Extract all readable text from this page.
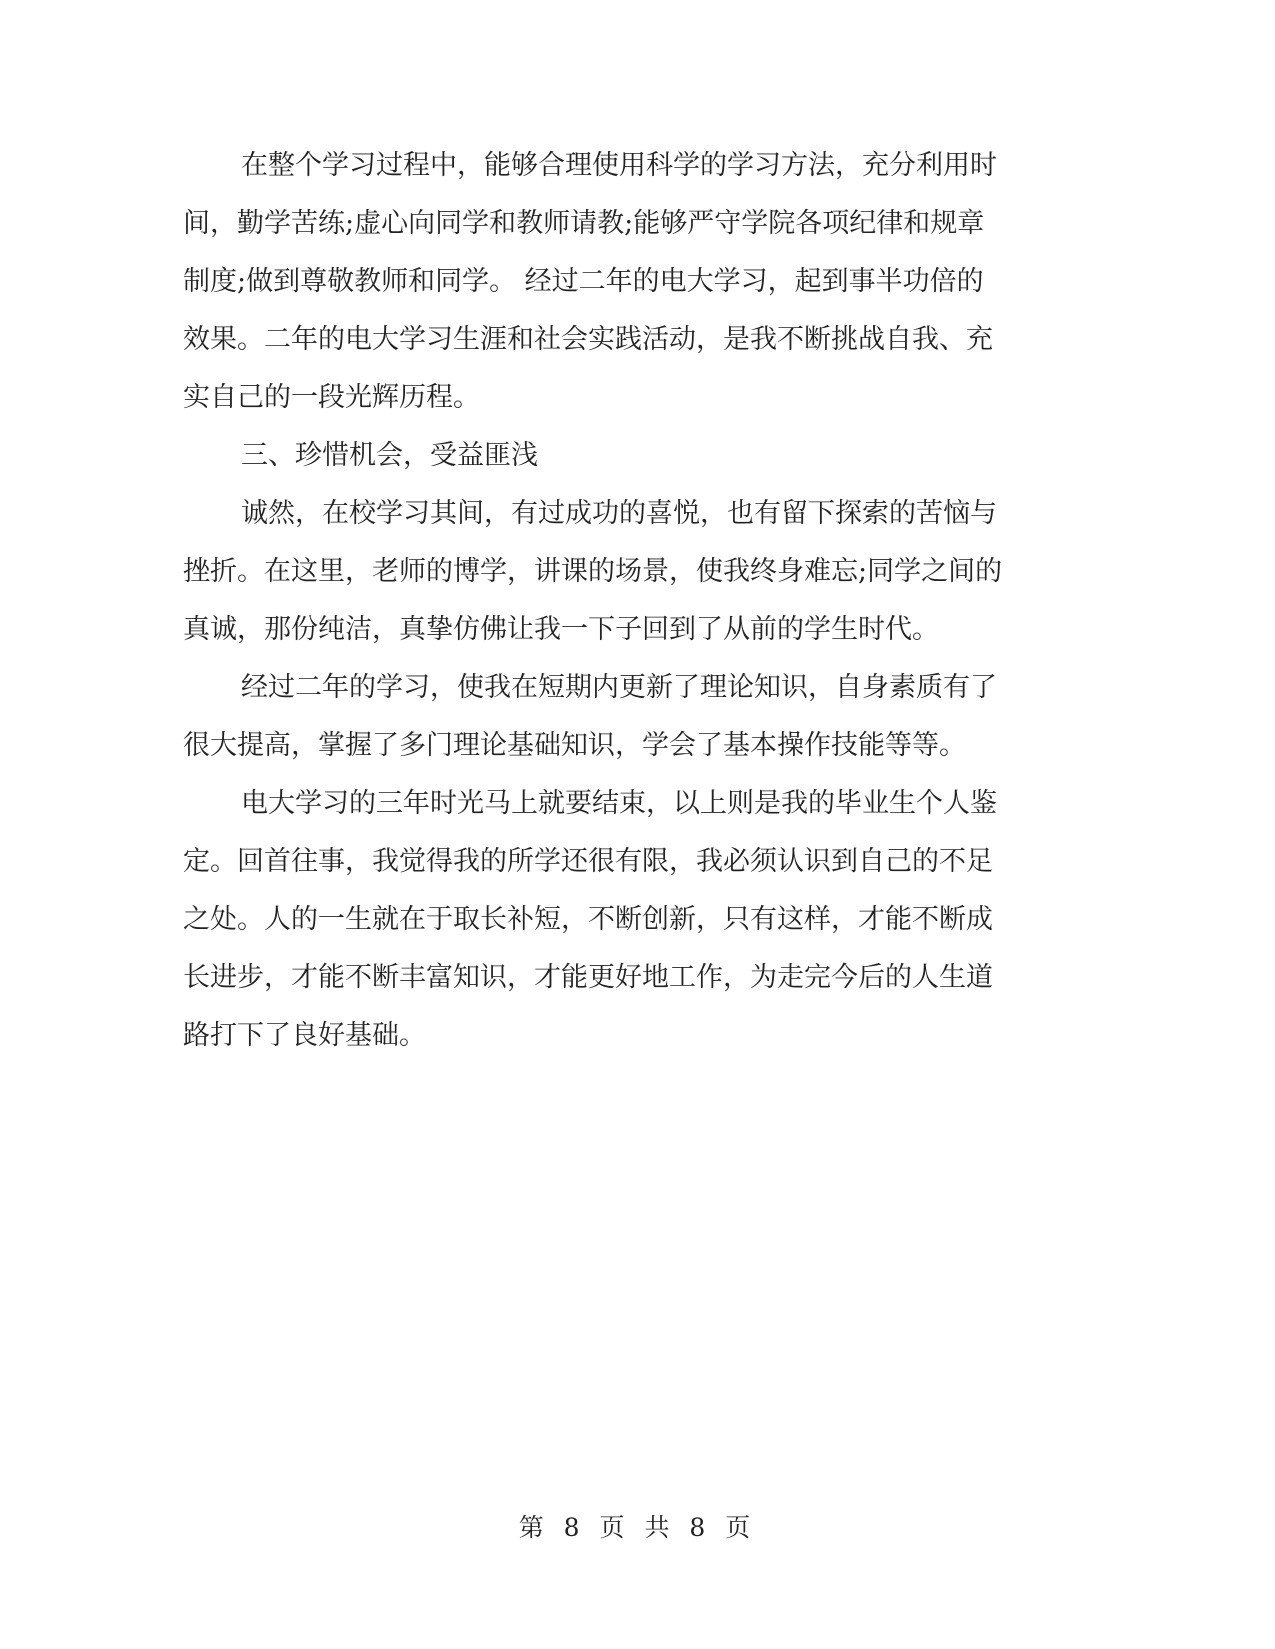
在整个学习过程中，能够合理使用科学的学习方法，充分利用时

间，勤学苦练;虚心向同学和教师请教;能够严守学院各项纪律和规章

制度;做到尊敬教师和同学。 经过二年的电大学习，起到事半功倍的

效果。二年的电大学习生涯和社会实践活动，是我不断挑战自我、充

实自己的一段光辉历程。

三、珍惜机会，受益匪浅

诚然，在校学习其间，有过成功的喜悦，也有留下探索的苦恼与

挫折。在这里，老师的博学，讲课的场景，使我终身难忘;同学之间的

真诚，那份纯洁，真挚仿佛让我一下子回到了从前的学生时代。

经过二年的学习，使我在短期内更新了理论知识，自身素质有了

很大提高，掌握了多门理论基础知识，学会了基本操作技能等等。

电大学习的三年时光马上就要结束，以上则是我的毕业生个人鉴

定。回首往事，我觉得我的所学还很有限，我必须认识到自己的不足

之处。人的一生就在于取长补短，不断创新，只有这样，才能不断成

长进步，才能不断丰富知识，才能更好地工作，为走完今后的人生道

路打下了良好基础。

第 8 页 共 8 页
